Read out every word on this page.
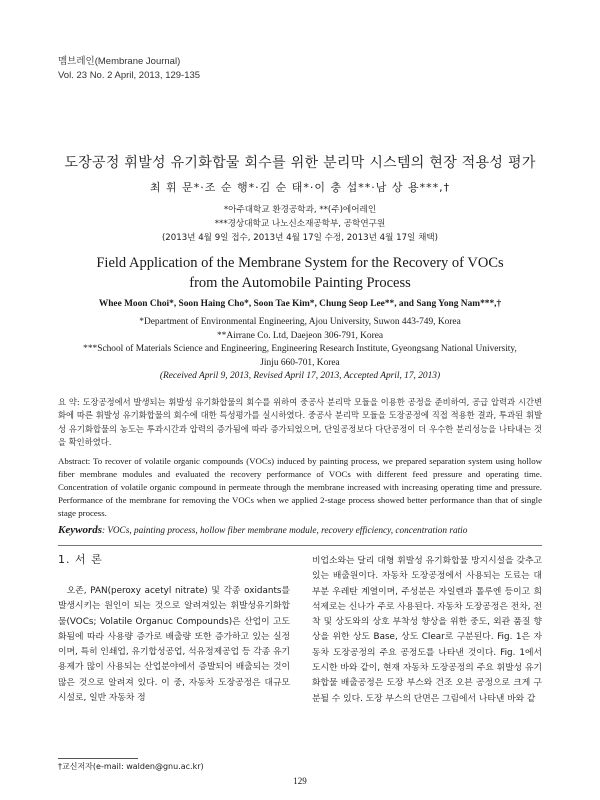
멤브레인(Membrane Journal)
Vol. 23 No. 2 April, 2013, 129-135
도장공정 휘발성 유기화합물 회수를 위한 분리막 시스템의 현장 적용성 평가
최 휘 문*·조 순 행*·김 순 태*·이 충 섭**·남 상 용***,†
*아주대학교 환경공학과, **(주)에어레인
***경상대학교 나노신소재공학부, 공학연구원
(2013년 4월 9일 접수, 2013년 4월 17일 수정, 2013년 4월 17일 채택)
Field Application of the Membrane System for the Recovery of VOCs
from the Automobile Painting Process
Whee Moon Choi*, Soon Haing Cho*, Soon Tae Kim*, Chung Seop Lee**, and Sang Yong Nam***,†
*Department of Environmental Engineering, Ajou University, Suwon 443-749, Korea
**Airrane Co. Ltd, Daejeon 306-791, Korea
***School of Materials Science and Engineering, Engineering Research Institute, Gyeongsang National University,
Jinju 660-701, Korea
(Received April 9, 2013, Revised April 17, 2013, Accepted April, 17, 2013)
요 약: 도장공정에서 발생되는 휘발성 유기화합물의 회수를 위하여 중공사 분리막 모듈을 이용한 공정을 준비하여, 공급 압력과 시간변화에 따른 휘발성 유기화합물의 회수에 대한 특성평가를 실시하였다. 중공사 분리막 모듈을 도장공정에 직접 적용한 결과, 투과된 휘발성 유기화합물의 농도는 투과시간과 압력의 증가됨에 따라 증가되었으며, 단일공정보다 다단공정이 더 우수한 분리성능을 나타내는 것을 확인하였다.
Abstract: To recover of volatile organic compounds (VOCs) induced by painting process, we prepared separation system using hollow fiber membrane modules and evaluated the recovery performance of VOCs with different feed pressure and operating time. Concentration of volatile organic compound in permeate through the membrane increased with increasing operating time and pressure. Performance of the membrane for removing the VOCs when we applied 2-stage process showed better performance than that of single stage process.
Keywords: VOCs, painting process, hollow fiber membrane module, recovery efficiency, concentration ratio
1. 서 론

오존, PAN(peroxy acetyl nitrate) 및 각종 oxidants를 발생시키는 원인이 되는 것으로 알려져있는 휘발성유기화합물(VOCs; Volatile Organuc Compounds)은 산업이 고도화됨에 따라 사용량 증가로 배출량 또한 증가하고 있는 실정이며, 특히 인쇄업, 유기합성공업, 석유정제공업 등 각종 유기용제가 많이 사용되는 산업분야에서 증발되어 배출되는 것이 많은 것으로 알려져 있다. 이 중, 자동차 도장공정은 대규모 시설로, 일반 자동차 정

비업소와는 달리 대형 휘발성 유기화합물 방지시설을 갖추고 있는 배출원이다. 자동차 도장공정에서 사용되는 도료는 대부분 우레탄 계열이며, 주성분은 자일렌과 톨루엔 등이고 희석제로는 신나가 주로 사용된다. 자동차 도장공정은 전차, 전착 및 상도와의 상호 부착성 향상을 위한 중도, 외관 품질 향상을 위한 상도 Base, 상도 Clear로 구분된다. Fig. 1은 자동차 도장공정의 주요 공정도를 나타낸 것이다. Fig. 1에서 도시한 바와 같이, 현재 자동차 도장공정의 주요 휘발성 유기화합물 배출공정은 도장 부스와 건조 오븐 공정으로 크게 구분될 수 있다. 도장 부스의 단면은 그림에서 나타낸 바와 같

†교신저자(e-mail: walden@gnu.ac.kr)
129
